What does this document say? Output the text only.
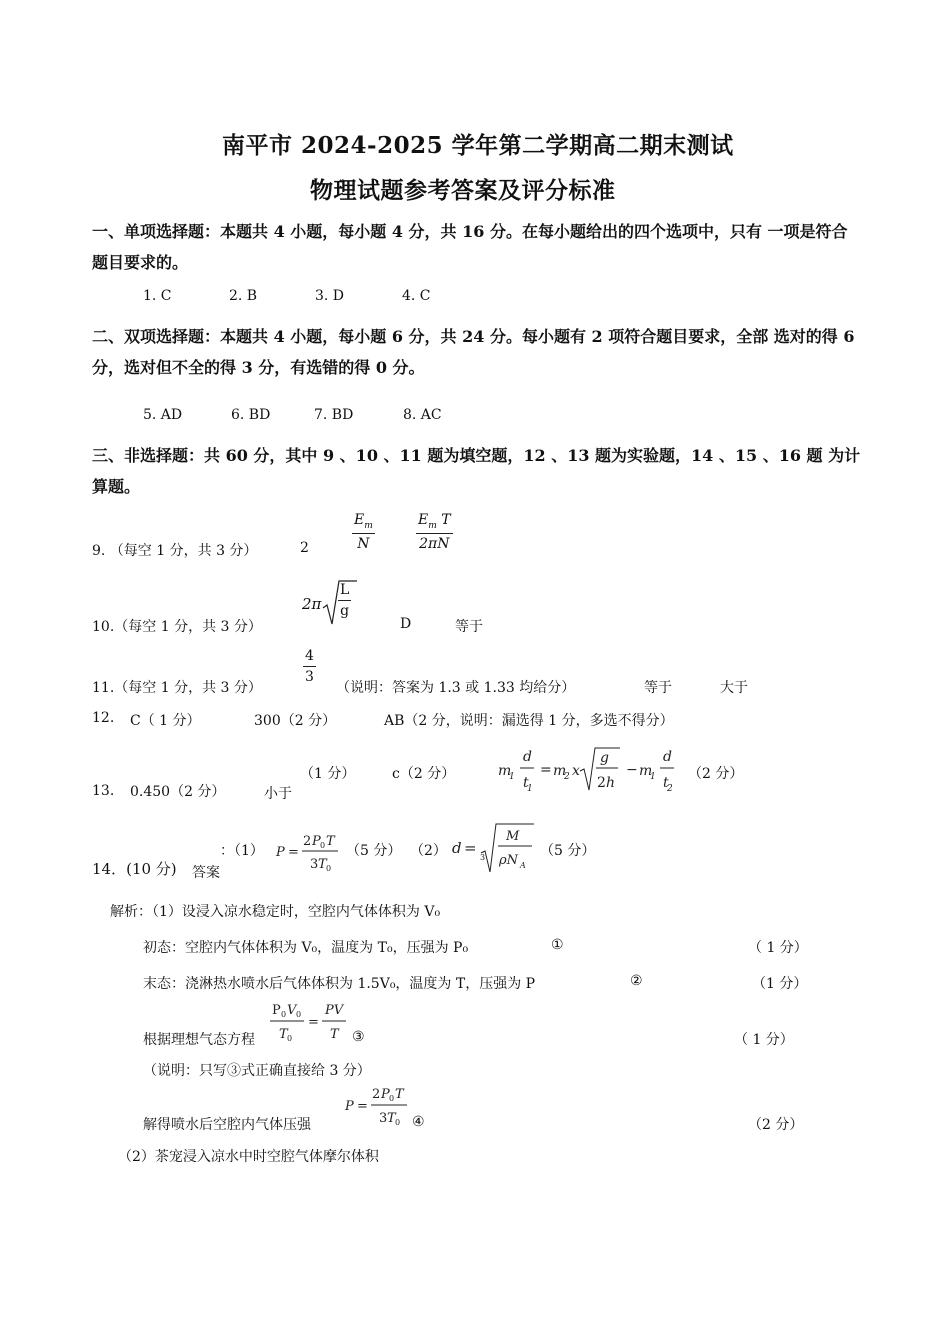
南平市 2024-2025 学年第二学期高二期末测试
物理试题参考答案及评分标准
一、单项选择题：本题共 4 小题，每小题 4 分，共 16 分。在每小题给出的四个选项中，只有 一项是符合题目要求的。
1. C	2. B	3. D	4. C
二、双项选择题：本题共 4 小题，每小题 6 分，共 24 分。每小题有 2 项符合题目要求，全部 选对的得 6 分，选对但不全的得 3 分，有选错的得 0 分。
5. AD	6. BD	7. BD	8. AC
三、非选择题：共 60 分，其中 9 、10 、11 题为填空题，12 、13 题为实验题，14 、15 、16 题 为计算题。
9. （每空 1 分，共 3 分）	2
$E_m$
N
$E_m$ T
2πN
10.（每空 1 分，共 3 分）
2π
L
g
D	等于
11.（每空 1 分，共 3 分）
4
3
（说明：答案为 1.3 或 1.33 均给分）	等于	大于
12. C（ 1 分）	300（2 分）	AB（2 分，说明：漏选得 1 分，多选不得分）
13. 0.450（2 分）	小于
（1 分）	c（2 分）	m
1
d
t
1
= m
2 x
g
2 h
− m
1
d
t
2
（2 分）
14．(10 分) 答案
：（1） P =
2 P 0 T
3 T 0
（5 分） （2） d =
3
M
ρN A
（5 分）
解析：（1）设浸入凉水稳定时，空腔内气体体积为 V₀
初态：空腔内气体体积为 V₀，温度为 T₀，压强为 P₀	①	（ 1 分）
末态：浇淋热水喷水后气体体积为 1.5V₀，温度为 T，压强为 P	②	（1 分）
根据理想气态方程
P 0 V 0
T 0
=
PV
T ③	（ 1 分）
（说明：只写③式正确直接给 3 分）
解得喷水后空腔内气体压强
P =
2 P 0 T
3 T 0 ④	（2 分）
（2）茶宠浸入凉水中时空腔气体摩尔体积
